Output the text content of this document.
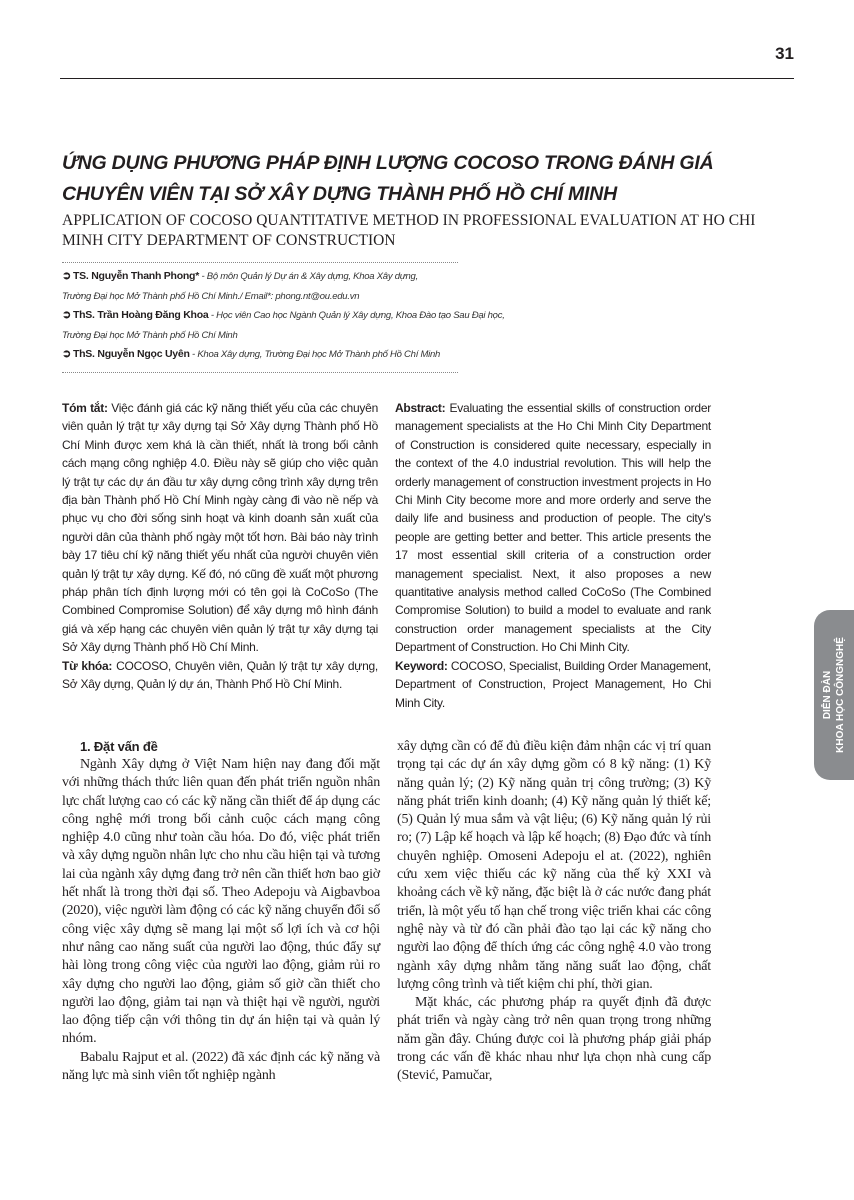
31
ỨNG DỤNG PHƯƠNG PHÁP ĐỊNH LƯỢNG COCOSO TRONG ĐÁNH GIÁ CHUYÊN VIÊN TẠI SỞ XÂY DỰNG THÀNH PHỐ HỒ CHÍ MINH
APPLICATION OF COCOSO QUANTITATIVE METHOD IN PROFESSIONAL EVALUATION AT HO CHI MINH CITY DEPARTMENT OF CONSTRUCTION
➲ TS. Nguyễn Thanh Phong* - Bộ môn Quản lý Dự án & Xây dựng, Khoa Xây dựng,
Trường Đại học Mở Thành phố Hồ Chí Minh./ Email*: phong.nt@ou.edu.vn
➲ ThS. Trần Hoàng Đăng Khoa - Học viên Cao học Ngành Quản lý Xây dựng, Khoa Đào tạo Sau Đại học,
Trường Đại học Mở Thành phố Hồ Chí Minh
➲ ThS. Nguyễn Ngọc Uyên - Khoa Xây dựng, Trường Đại học Mở Thành phố Hồ Chí Minh

Tóm tắt: Việc đánh giá các kỹ năng thiết yếu của các chuyên viên quản lý trật tự xây dựng tại Sở Xây dựng Thành phố Hồ Chí Minh được xem khá là cần thiết, nhất là trong bối cảnh cách mạng công nghiệp 4.0. Điều này sẽ giúp cho việc quản lý trật tự các dự án đầu tư xây dựng công trình xây dựng trên địa bàn Thành phố Hồ Chí Minh ngày càng đi vào nề nếp và phục vụ cho đời sống sinh hoạt và kinh doanh sản xuất của người dân của thành phố ngày một tốt hơn. Bài báo này trình bày 17 tiêu chí kỹ năng thiết yếu nhất của người chuyên viên quản lý trật tự xây dựng. Kế đó, nó cũng đề xuất một phương pháp phân tích định lượng mới có tên gọi là CoCoSo (The Combined Compromise Solution) để xây dựng mô hình đánh giá và xếp hạng các chuyên viên quản lý trật tự xây dựng tại Sở Xây dựng Thành phố Hồ Chí Minh.

Từ khóa: COCOSO, Chuyên viên, Quản lý trật tự xây dựng, Sở Xây dựng, Quản lý dự án, Thành Phố Hồ Chí Minh.

Abstract: Evaluating the essential skills of construction order management specialists at the Ho Chi Minh City Department of Construction is considered quite necessary, especially in the context of the 4.0 industrial revolution. This will help the orderly management of construction investment projects in Ho Chi Minh City become more and more orderly and serve the daily life and business and production of people. The city's people are getting better and better. This article presents the 17 most essential skill criteria of a construction order management specialist. Next, it also proposes a new quantitative analysis method called CoCoSo (The Combined Compromise Solution) to build a model to evaluate and rank construction order management specialists at the City Department of Construction. Ho Chi Minh City.

Keyword: COCOSO, Specialist, Building Order Management, Department of Construction, Project Management, Ho Chi Minh City.	DIỄN ĐÀN KHOA HỌC CÔNGNGHỆ
1. Đặt vấn đề

Ngành Xây dựng ở Việt Nam hiện nay đang đối mặt với những thách thức liên quan đến phát triển nguồn nhân lực chất lượng cao có các kỹ năng cần thiết để áp dụng các công nghệ mới trong bối cảnh cuộc cách mạng công nghiệp 4.0 cũng như toàn cầu hóa. Do đó, việc phát triển và xây dựng nguồn nhân lực cho nhu cầu hiện tại và tương lai của ngành xây dựng đang trở nên cần thiết hơn bao giờ hết nhất là trong thời đại số. Theo Adepoju và Aigbavboa (2020), việc người làm động có các kỹ năng chuyển đổi số công việc xây dựng sẽ mang lại một số lợi ích và cơ hội như nâng cao năng suất của người lao động, thúc đẩy sự hài lòng trong công việc của người lao động, giảm rủi ro xây dựng cho người lao động, giảm số giờ cần thiết cho người lao động, giảm tai nạn và thiệt hại về người, người lao động tiếp cận với thông tin dự án hiện tại và quản lý nhóm.

Babalu Rajput et al. (2022) đã xác định các kỹ năng và năng lực mà sinh viên tốt nghiệp ngành

xây dựng cần có để đủ điều kiện đảm nhận các vị trí quan trọng tại các dự án xây dựng gồm có 8 kỹ năng: (1) Kỹ năng quản lý; (2) Kỹ năng quản trị công trường; (3) Kỹ năng phát triển kinh doanh; (4) Kỹ năng quản lý thiết kế; (5) Quản lý mua sắm và vật liệu; (6) Kỹ năng quản lý rủi ro; (7) Lập kế hoạch và lập kế hoạch; (8) Đạo đức và tính chuyên nghiệp. Omoseni Adepoju el at. (2022), nghiên cứu xem việc thiếu các kỹ năng của thế kỷ XXI và khoảng cách về kỹ năng, đặc biệt là ở các nước đang phát triển, là một yếu tố hạn chế trong việc triển khai các công nghệ này và từ đó cần phải đào tạo lại các kỹ năng cho người lao động để thích ứng các công nghệ 4.0 vào trong ngành xây dựng nhằm tăng năng suất lao động, chất lượng công trình và tiết kiệm chi phí, thời gian.

Mặt khác, các phương pháp ra quyết định đã được phát triển và ngày càng trở nên quan trọng trong những năm gần đây. Chúng được coi là phương pháp giải pháp trong các vấn đề khác nhau như lựa chọn nhà cung cấp (Stević, Pamučar,
